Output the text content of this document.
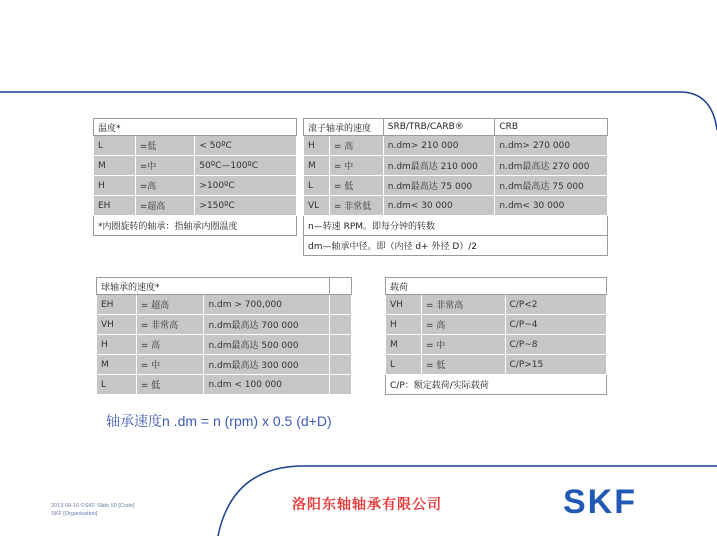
温度*		
L	=低	< 50ºC
M	=中	50ºC—100ºC
H	=高	>100ºC
EH	=超高	>150ºC
*内圈旋转的轴承：指轴承内圈温度		
滚子轴承的速度		SRB/TRB/CARB®	CRB
H	= 高	n.dm> 210 000	n.dm> 270 000
M	= 中	n.dm最高达 210 000	n.dm最高达 270 000
L	= 低	n.dm最高达 75 000	n.dm最高达 75 000
VL	= 非常低	n.dm< 30 000	n.dm< 30 000
n—转速 RPM。即每分钟的转数			
dm—轴承中径。即（内径 d+ 外径 D）/2			
球轴承的速度*			
EH	= 超高	n.dm > 700,000	
VH	= 非常高	n.dm最高达 700 000	
H	= 高	n.dm最高达 500 000	
M	= 中	n.dm最高达 300 000	
L	= 低	n.dm < 100 000	
载荷		
VH	= 非常高	C/P<2
H	= 高	C/P~4
M	= 中	C/P~8
L	= 低	C/P>15
C/P：额定载荷/实际载荷		
轴承速度n .dm = n (rpm) x 0.5 (d+D)
2013-09-16 ©SKF Slide 50 [Code]
SKF [Organisation]
洛阳东轴轴承有限公司	SKF
